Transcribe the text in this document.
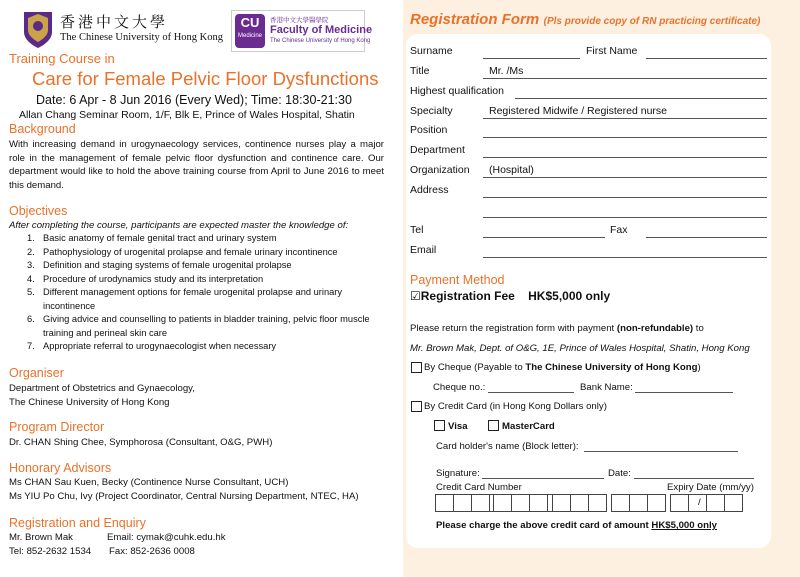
香港中文大學
The Chinese University of Hong Kong
CU
Medicine
香港中文大學醫學院
Faculty of Medicine
The Chinese University of Hong Kong
Training Course in
Care for Female Pelvic Floor Dysfunctions
Date: 6 Apr - 8 Jun 2016 (Every Wed); Time: 18:30-21:30
Allan Chang Seminar Room, 1/F, Blk E, Prince of Wales Hospital, Shatin
Background
With increasing demand in urogynaecology services, continence nurses play a major role in the management of female pelvic floor dysfunction and continence care. Our department would like to hold the above training course from April to June 2016 to meet this demand.
Objectives
After completing the course, participants are expected master the knowledge of:
1. Basic anatomy of female genital tract and urinary system
2. Pathophysiology of urogenital prolapse and female urinary incontinence
3. Definition and staging systems of female urogenital prolapse
4. Procedure of urodynamics study and its interpretation
5. Different management options for female urogenital prolapse and urinary incontinence
6. Giving advice and counselling to patients in bladder training, pelvic floor muscle training and perineal skin care
7. Appropriate referral to urogynaecologist when necessary
Organiser
Department of Obstetrics and Gynaecology,
The Chinese University of Hong Kong
Program Director
Dr. CHAN Shing Chee, Symphorosa (Consultant, O&G, PWH)
Honorary Advisors
Ms CHAN Sau Kuen, Becky (Continence Nurse Consultant, UCH)
Ms YIU Po Chu, Ivy (Project Coordinator, Central Nursing Department, NTEC, HA)
Registration and Enquiry
Mr. Brown Mak	Email: cymak@cuhk.edu.hk
Tel: 852-2632 1534 Fax: 852-2636 0008
Registration Form (Pls provide copy of RN practicing certificate)
Surname	First Name
Title	Mr. /Ms
Highest qualification
Specialty	Registered Midwife / Registered nurse
Position
Department
Organization (Hospital)
Address
Tel	Fax
Email
Payment Method
☑Registration Fee HK$5,000 only
Please return the registration form with payment (non-refundable) to
Mr. Brown Mak, Dept. of O&G, 1E, Prince of Wales Hospital, Shatin, Hong Kong
By Cheque (Payable to The Chinese University of Hong Kong)
Cheque no.:	Bank Name:
By Credit Card (in Hong Kong Dollars only)
Visa	MasterCard
Card holder's name (Block letter):
Signature:	Date:
Credit Card Number	Expiry Date (mm/yy)
/
Please charge the above credit card of amount HK$5,000 only
